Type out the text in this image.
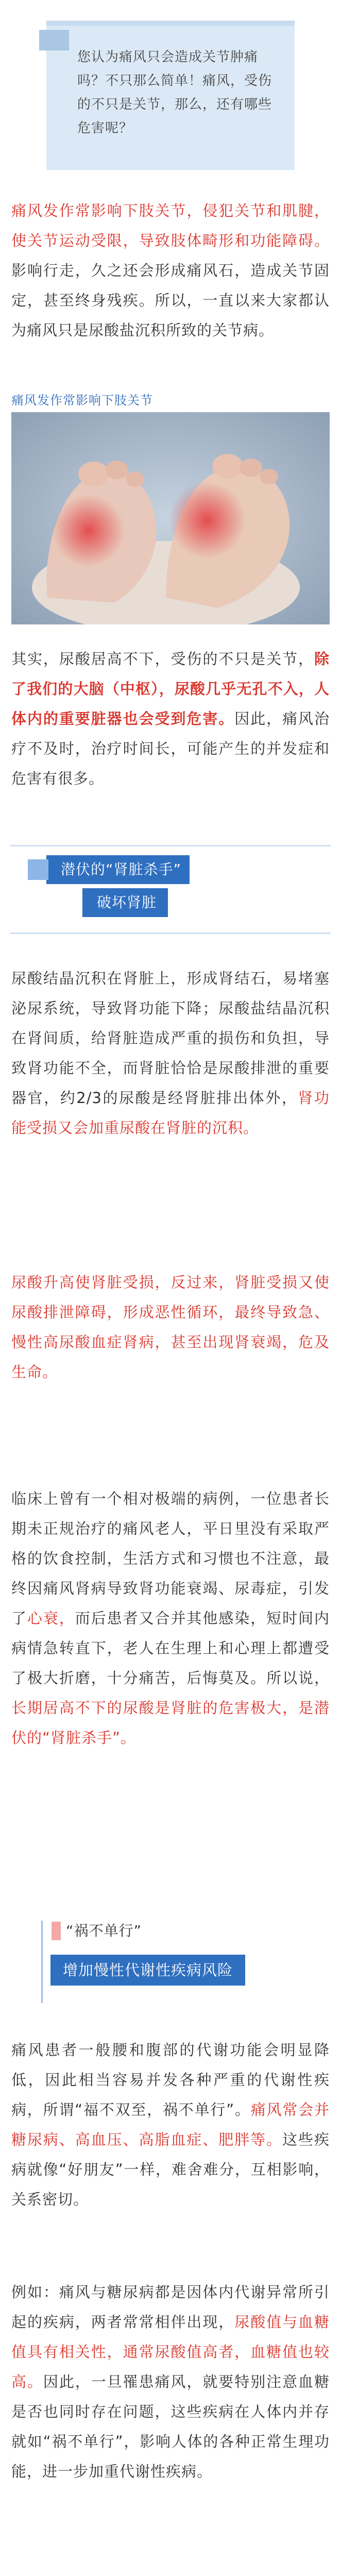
您认为痛风只会造成关节肿痛吗？不只那么简单！痛风，受伤的不只是关节，那么，还有哪些危害呢？
痛风发作常影响下肢关节，侵犯关节和肌腱，使关节运动受限，导致肢体畸形和功能障碍。影响行走，久之还会形成痛风石，造成关节固定，甚至终身残疾。所以，一直以来大家都认为痛风只是尿酸盐沉积所致的关节病。
痛风发作常影响下肢关节
其实，尿酸居高不下，受伤的不只是关节，除了我们的大脑（中枢），尿酸几乎无孔不入，人体内的重要脏器也会受到危害。因此，痛风治疗不及时，治疗时间长，可能产生的并发症和危害有很多。
潜伏的“肾脏杀手”
破坏肾脏
尿酸结晶沉积在肾脏上，形成肾结石，易堵塞泌尿系统，导致肾功能下降；尿酸盐结晶沉积在肾间质，给肾脏造成严重的损伤和负担，导致肾功能不全，而肾脏恰恰是尿酸排泄的重要器官，约2/3的尿酸是经肾脏排出体外，肾功能受损又会加重尿酸在肾脏的沉积。
尿酸升高使肾脏受损，反过来，肾脏受损又使尿酸排泄障碍，形成恶性循环，最终导致急、慢性高尿酸血症肾病，甚至出现肾衰竭，危及生命。
临床上曾有一个相对极端的病例，一位患者长期未正规治疗的痛风老人，平日里没有采取严格的饮食控制，生活方式和习惯也不注意，最终因痛风肾病导致肾功能衰竭、尿毒症，引发了心衰，而后患者又合并其他感染，短时间内病情急转直下，老人在生理上和心理上都遭受了极大折磨，十分痛苦，后悔莫及。所以说，长期居高不下的尿酸是肾脏的危害极大，是潜伏的“肾脏杀手”。
“祸不单行”
增加慢性代谢性疾病风险
痛风患者一般腰和腹部的代谢功能会明显降低，因此相当容易并发各种严重的代谢性疾病，所谓“福不双至，祸不单行”。痛风常会并糖尿病、高血压、高脂血症、肥胖等。这些疾病就像“好朋友”一样，难舍难分，互相影响，关系密切。
例如：痛风与糖尿病都是因体内代谢异常所引起的疾病，两者常常相伴出现，尿酸值与血糖值具有相关性，通常尿酸值高者，血糖值也较高。因此，一旦罹患痛风，就要特别注意血糖是否也同时存在问题，这些疾病在人体内并存就如“祸不单行”，影响人体的各种正常生理功能，进一步加重代谢性疾病。
